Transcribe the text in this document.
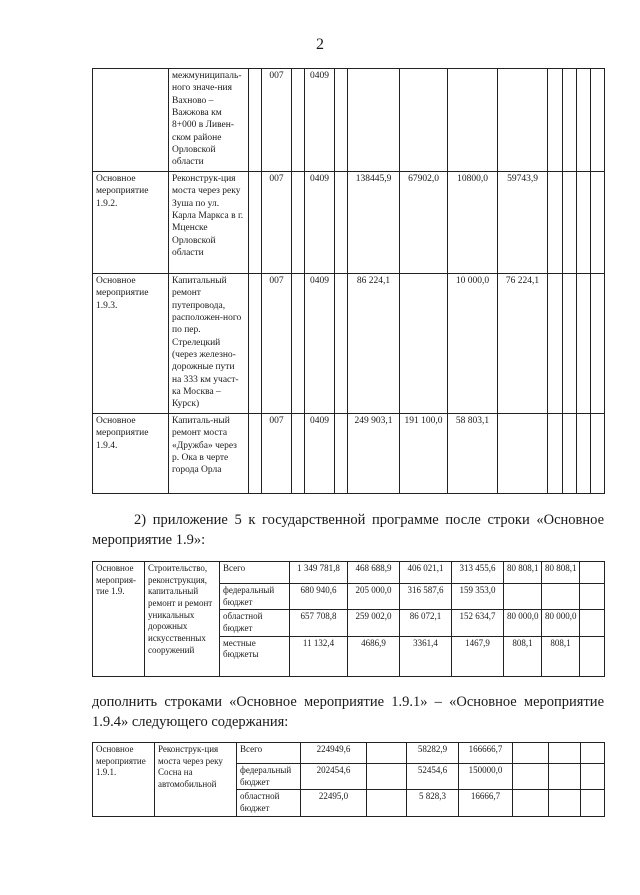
2
	межмуниципаль-ного значе-ния Вахново – Важжова км 8+000 в Ливен-ском районе Орловской области		007		0409									
Основное мероприятие 1.9.2.	Реконструк-ция моста через реку Зуша по ул. Карла Маркса в г. Мценске Орловской области		007		0409		138445,9	67902,0	10800,0	59743,9				
Основное мероприятие 1.9.3.	Капитальный ремонт путепровода, расположен-ного по пер. Стрелецкий (через железно-дорожные пути на 333 км участ-ка Москва – Курск)		007		0409		86 224,1		10 000,0	76 224,1				
Основное мероприятие 1.9.4.	Капиталь-ный ремонт моста «Дружба» через р. Ока в черте города Орла		007		0409		249 903,1	191 100,0	58 803,1					
2) приложение 5 к государственной программе после строки «Основное
мероприятие 1.9»:
Основное мероприя-тие 1.9.	Строительство, реконструкция, капитальный ремонт и ремонт уникальных дорожных искусственных сооружений	Всего	1 349 781,8	468 688,9	406 021,1	313 455,6	80 808,1	80 808,1	
		федеральный бюджет	680 940,6	205 000,0	316 587,6	159 353,0			
		областной бюджет	657 708,8	259 002,0	86 072,1	152 634,7	80 000,0	80 000,0	
		местные бюджеты	11 132,4	4686,9	3361,4	1467,9	808,1	808,1	
дополнить строками «Основное мероприятие 1.9.1» – «Основное мероприятие
1.9.4» следующего содержания:
Основное мероприятие 1.9.1.	Реконструк-ция моста через реку Сосна на автомобильной	Всего	224949,6		58282,9	166666,7			
		федеральный бюджет	202454,6		52454,6	150000,0			
		областной бюджет	22495,0		5 828,3	16666,7			
